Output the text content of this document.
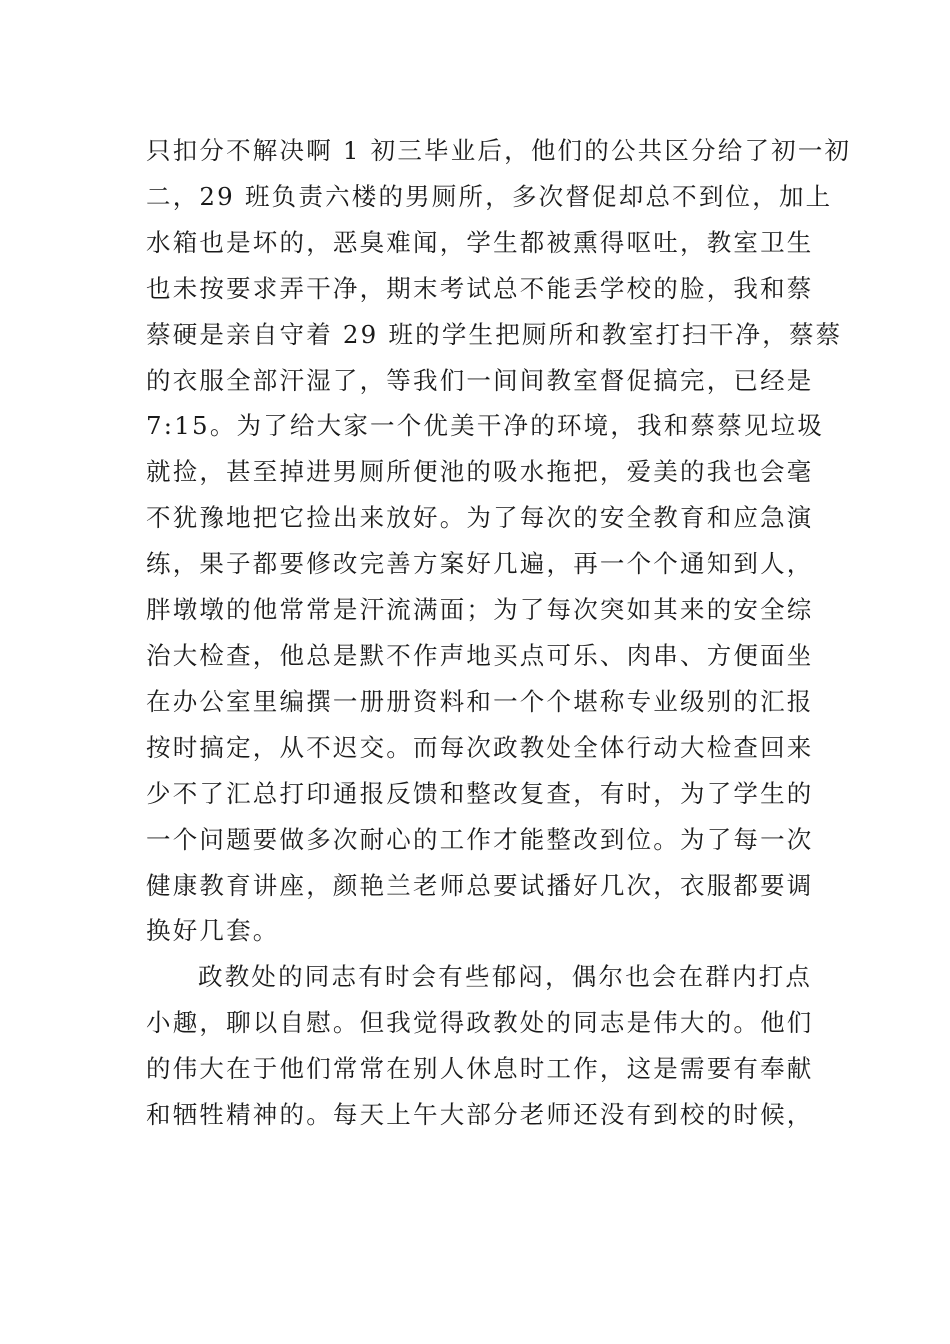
只扣分不解决啊 1 初三毕业后，他们的公共区分给了初一初
二，29 班负责六楼的男厕所，多次督促却总不到位，加上
水箱也是坏的，恶臭难闻，学生都被熏得呕吐，教室卫生
也未按要求弄干净，期末考试总不能丢学校的脸，我和蔡
蔡硬是亲自守着 29 班的学生把厕所和教室打扫干净，蔡蔡
的衣服全部汗湿了，等我们一间间教室督促搞完，已经是
7:15。为了给大家一个优美干净的环境，我和蔡蔡见垃圾
就捡，甚至掉进男厕所便池的吸水拖把，爱美的我也会毫
不犹豫地把它捡出来放好。为了每次的安全教育和应急演
练，果子都要修改完善方案好几遍，再一个个通知到人，
胖墩墩的他常常是汗流满面；为了每次突如其来的安全综
治大检查，他总是默不作声地买点可乐、肉串、方便面坐
在办公室里编撰一册册资料和一个个堪称专业级别的汇报
按时搞定，从不迟交。而每次政教处全体行动大检查回来
少不了汇总打印通报反馈和整改复查，有时，为了学生的
一个问题要做多次耐心的工作才能整改到位。为了每一次
健康教育讲座，颜艳兰老师总要试播好几次，衣服都要调
换好几套。

政教处的同志有时会有些郁闷，偶尔也会在群内打点
小趣，聊以自慰。但我觉得政教处的同志是伟大的。他们
的伟大在于他们常常在别人休息时工作，这是需要有奉献
和牺牲精神的。每天上午大部分老师还没有到校的时候，
